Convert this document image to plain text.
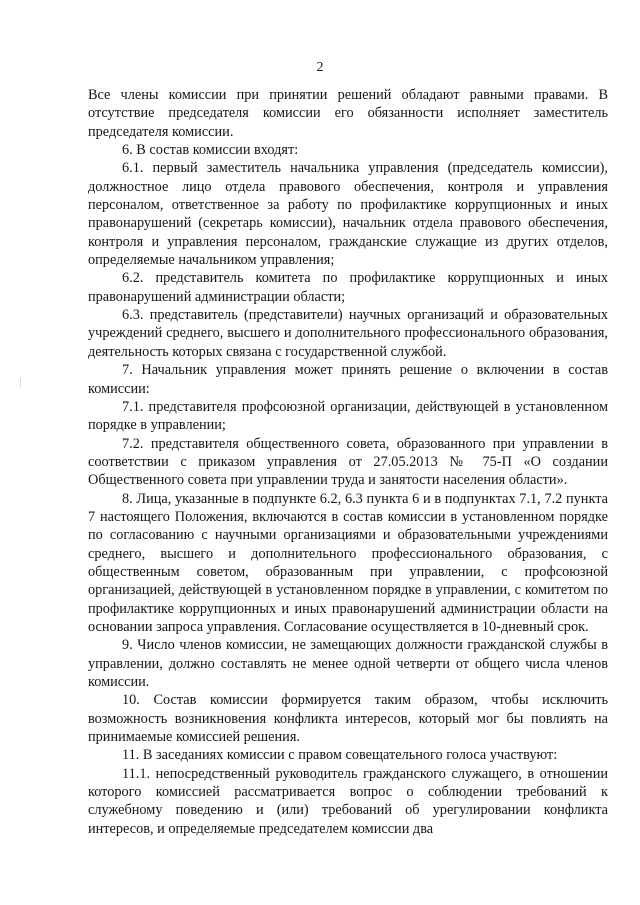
2

Все члены комиссии при принятии решений обладают равными правами. В отсутствие председателя комиссии его обязанности исполняет заместитель председателя комиссии.

6. В состав комиссии входят:

6.1. первый заместитель начальника управления (председатель комиссии), должностное лицо отдела правового обеспечения, контроля и управления персоналом, ответственное за работу по профилактике коррупционных и иных правонарушений (секретарь комиссии), начальник отдела правового обеспечения, контроля и управления персоналом, гражданские служащие из других отделов, определяемые начальником управления;

6.2. представитель комитета по профилактике коррупционных и иных правонарушений администрации области;

6.3. представитель (представители) научных организаций и образовательных учреждений среднего, высшего и дополнительного профессионального образования, деятельность которых связана с государственной службой.

7. Начальник управления может принять решение о включении в состав комиссии:

7.1. представителя профсоюзной организации, действующей в установленном порядке в управлении;

7.2. представителя общественного совета, образованного при управлении в соответствии с приказом управления от 27.05.2013 № 75-П «О создании Общественного совета при управлении труда и занятости населения области».

8. Лица, указанные в подпункте 6.2, 6.3 пункта 6 и в подпунктах 7.1, 7.2 пункта 7 настоящего Положения, включаются в состав комиссии в установленном порядке по согласованию с научными организациями и образовательными учреждениями среднего, высшего и дополнительного профессионального образования, с общественным советом, образованным при управлении, с профсоюзной организацией, действующей в установленном порядке в управлении, с комитетом по профилактике коррупционных и иных правонарушений администрации области на основании запроса управления. Согласование осуществляется в 10-дневный срок.

9. Число членов комиссии, не замещающих должности гражданской службы в управлении, должно составлять не менее одной четверти от общего числа членов комиссии.

10. Состав комиссии формируется таким образом, чтобы исключить возможность возникновения конфликта интересов, который мог бы повлиять на принимаемые комиссией решения.

11. В заседаниях комиссии с правом совещательного голоса участвуют:

11.1. непосредственный руководитель гражданского служащего, в отношении которого комиссией рассматривается вопрос о соблюдении требований к служебному поведению и (или) требований об урегулировании конфликта интересов, и определяемые председателем комиссии два
